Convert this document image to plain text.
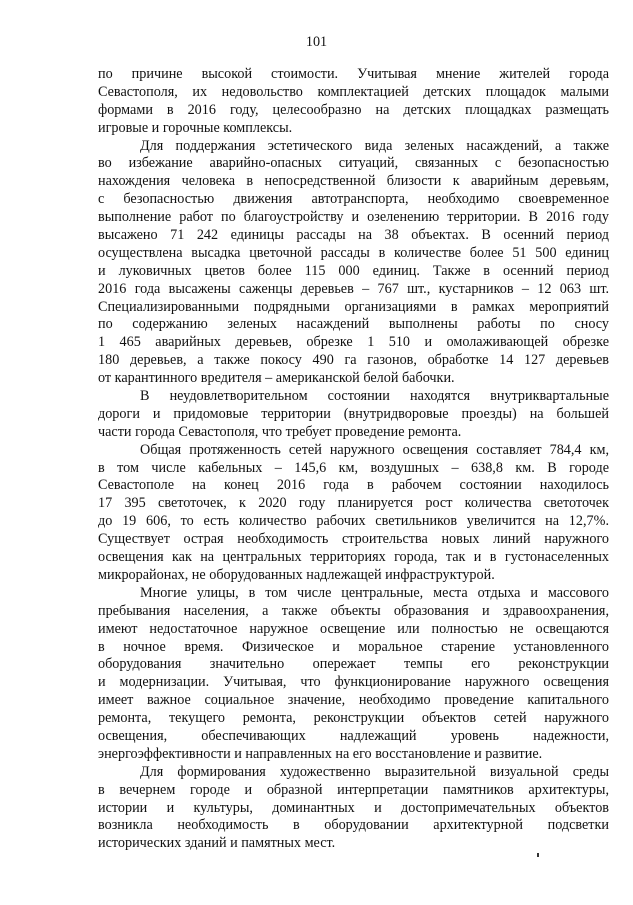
101
по причине высокой стоимости. Учитывая мнение жителей города
Севастополя, их недовольство комплектацией детских площадок малыми
формами в 2016 году, целесообразно на детских площадках размещать
игровые и горочные комплексы.
Для поддержания эстетического вида зеленых насаждений, а также
во избежание аварийно-опасных ситуаций, связанных с безопасностью
нахождения человека в непосредственной близости к аварийным деревьям,
с безопасностью движения автотранспорта, необходимо своевременное
выполнение работ по благоустройству и озеленению территории. В 2016 году
высажено 71 242 единицы рассады на 38 объектах. В осенний период
осуществлена высадка цветочной рассады в количестве более 51 500 единиц
и луковичных цветов более 115 000 единиц. Также в осенний период
2016 года высажены саженцы деревьев – 767 шт., кустарников – 12 063 шт.
Специализированными подрядными организациями в рамках мероприятий
по содержанию зеленых насаждений выполнены работы по сносу
1 465 аварийных деревьев, обрезке 1 510 и омолаживающей обрезке
180 деревьев, а также покосу 490 га газонов, обработке 14 127 деревьев
от карантинного вредителя – американской белой бабочки.
В неудовлетворительном состоянии находятся внутриквартальные
дороги и придомовые территории (внутридворовые проезды) на большей
части города Севастополя, что требует проведение ремонта.
Общая протяженность сетей наружного освещения составляет 784,4 км,
в том числе кабельных – 145,6 км, воздушных – 638,8 км. В городе
Севастополе на конец 2016 года в рабочем состоянии находилось
17 395 светоточек, к 2020 году планируется рост количества светоточек
до 19 606, то есть количество рабочих светильников увеличится на 12,7%.
Существует острая необходимость строительства новых линий наружного
освещения как на центральных территориях города, так и в густонаселенных
микрорайонах, не оборудованных надлежащей инфраструктурой.
Многие улицы, в том числе центральные, места отдыха и массового
пребывания населения, а также объекты образования и здравоохранения,
имеют недостаточное наружное освещение или полностью не освещаются
в ночное время. Физическое и моральное старение установленного
оборудования значительно опережает темпы его реконструкции
и модернизации. Учитывая, что функционирование наружного освещения
имеет важное социальное значение, необходимо проведение капитального
ремонта, текущего ремонта, реконструкции объектов сетей наружного
освещения, обеспечивающих надлежащий уровень надежности,
энергоэффективности и направленных на его восстановление и развитие.
Для формирования художественно выразительной визуальной среды
в вечернем городе и образной интерпретации памятников архитектуры,
истории и культуры, доминантных и достопримечательных объектов
возникла необходимость в оборудовании архитектурной подсветки
исторических зданий и памятных мест.
